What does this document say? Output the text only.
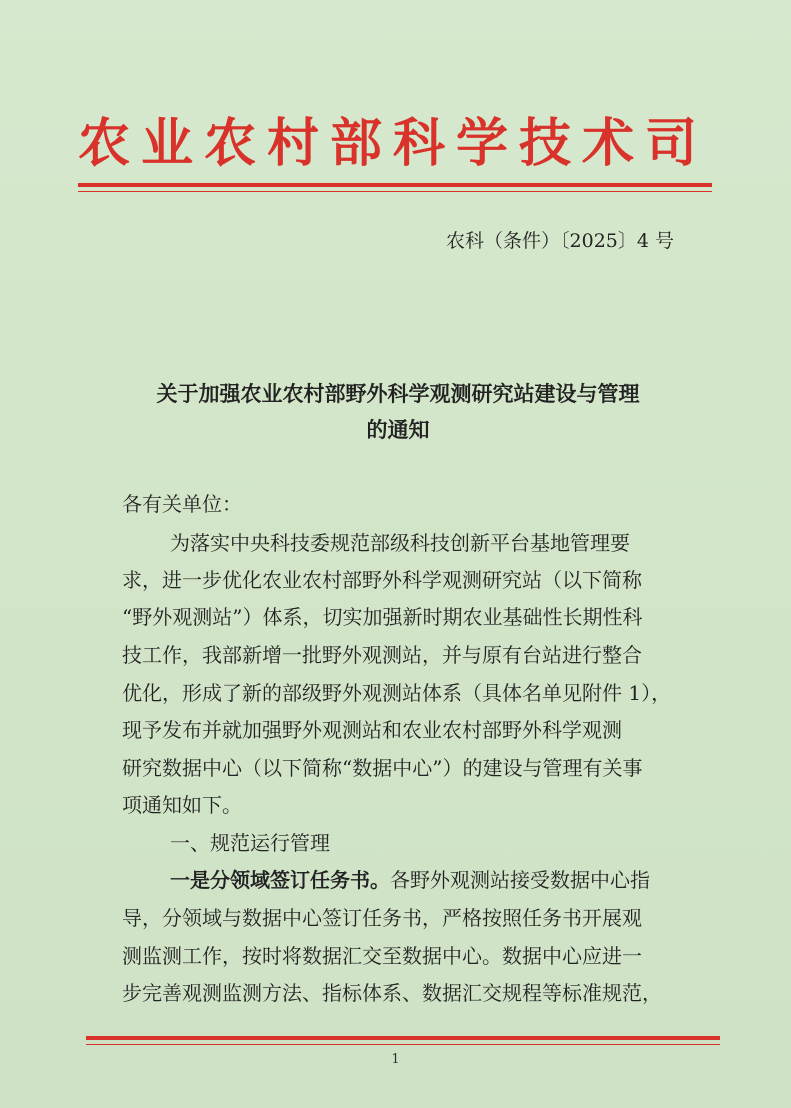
农业农村部科学技术司
农科（条件）〔2025〕4 号
关于加强农业农村部野外科学观测研究站建设与管理
的通知
各有关单位：
为落实中央科技委规范部级科技创新平台基地管理要
求，进一步优化农业农村部野外科学观测研究站（以下简称
“野外观测站”）体系，切实加强新时期农业基础性长期性科
技工作，我部新增一批野外观测站，并与原有台站进行整合
优化，形成了新的部级野外观测站体系（具体名单见附件 1），
现予发布并就加强野外观测站和农业农村部野外科学观测
研究数据中心（以下简称“数据中心”）的建设与管理有关事
项通知如下。
一、规范运行管理
一是分领域签订任务书。各野外观测站接受数据中心指
导，分领域与数据中心签订任务书，严格按照任务书开展观
测监测工作，按时将数据汇交至数据中心。数据中心应进一
步完善观测监测方法、指标体系、数据汇交规程等标准规范，
1
